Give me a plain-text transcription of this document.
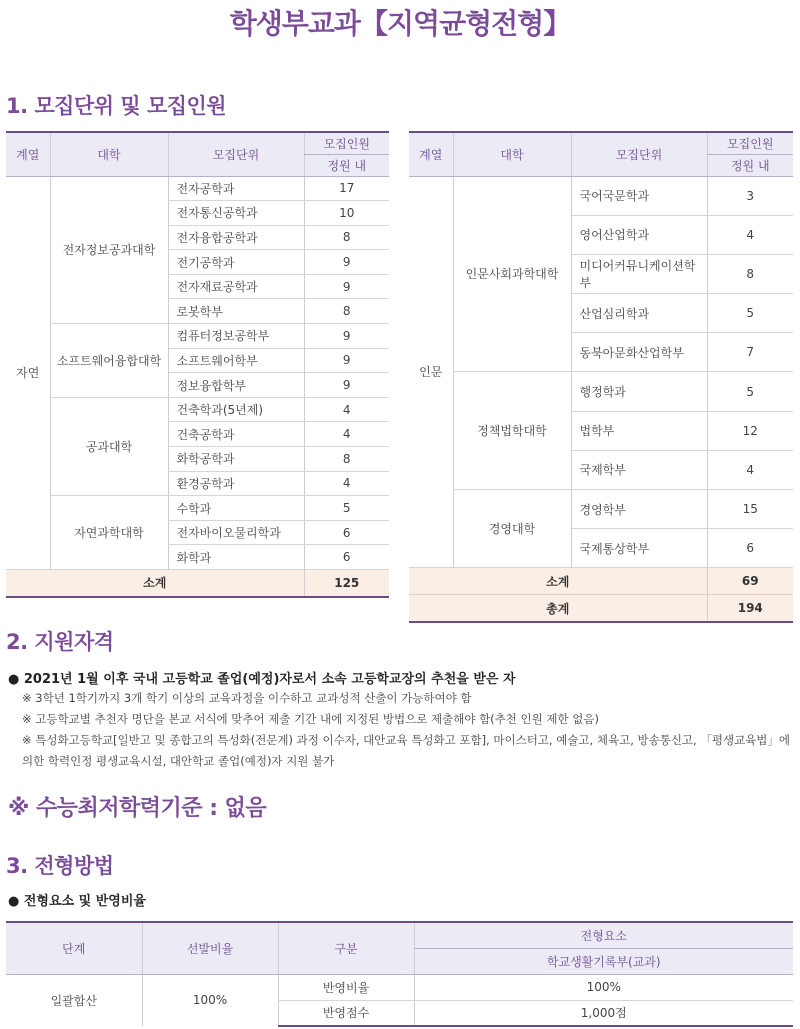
학생부교과【지역균형전형】
1. 모집단위 및 모집인원
계열	대학	모집단위	모집인원
			정원 내
자연	전자정보공과대학	전자공학과	17
		전자통신공학과	10
		전자융합공학과	8
		전기공학과	9
		전자재료공학과	9
		로봇학부	8
	소프트웨어융합대학	컴퓨터정보공학부	9
		소프트웨어학부	9
		정보융합학부	9
	공과대학	건축학과(5년제)	4
		건축공학과	4
		화학공학과	8
		환경공학과	4
	자연과학대학	수학과	5
		전자바이오물리학과	6
		화학과	6
소계			125
계열	대학	모집단위	모집인원
			정원 내
인문	인문사회과학대학	국어국문학과	3
		영어산업학과	4
		미디어커뮤니케이션학부	8
		산업심리학과	5
		동북아문화산업학부	7
	정책법학대학	행정학과	5
		법학부	12
		국제학부	4
	경영대학	경영학부	15
		국제통상학부	6
소계			69
총계			194
2. 지원자격
● 2021년 1월 이후 국내 고등학교 졸업(예정)자로서 소속 고등학교장의 추천을 받은 자
※ 3학년 1학기까지 3개 학기 이상의 교육과정을 이수하고 교과성적 산출이 가능하여야 함
※ 고등학교별 추천자 명단을 본교 서식에 맞추어 제출 기간 내에 지정된 방법으로 제출해야 함(추천 인원 제한 없음)
※ 특성화고등학교[일반고 및 종합고의 특성화(전문계) 과정 이수자, 대안교육 특성화고 포함], 마이스터고, 예술고, 체육고, 방송통신고, 「평생교육법」에 의한 학력인정 평생교육시설, 대안학교 졸업(예정)자 지원 불가
※ 수능최저학력기준 : 없음
3. 전형방법
● 전형요소 및 반영비율
단계	선발비율	구분	전형요소
			학교생활기록부(교과)
일괄합산	100%	반영비율	100%
		반영점수	1,000점
